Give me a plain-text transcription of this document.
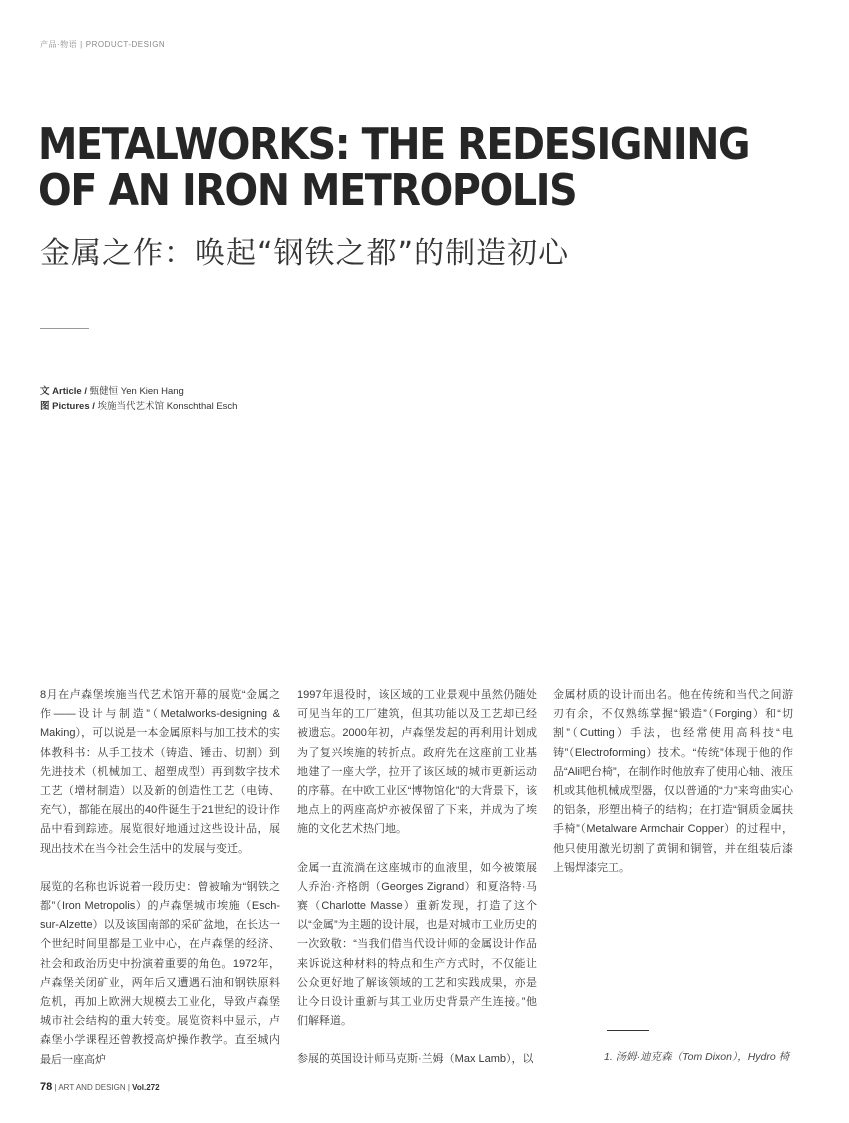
产品·物语 | PRODUCT-DESIGN
METALWORKS: THE REDESIGNING
OF AN IRON METROPOLIS
金属之作：唤起“钢铁之都”的制造初心
文 Article / 甄健恒 Yen Kien Hang
图 Pictures / 埃施当代艺术馆 Konschthal Esch

8月在卢森堡埃施当代艺术馆开幕的展览“金属之作——设计与制造”（Metalworks-designing & Making），可以说是一本金属原料与加工技术的实体教科书：从手工技术（铸造、锤击、切割）到先进技术（机械加工、超塑成型）再到数字技术工艺（增材制造）以及新的创造性工艺（电铸、充气），都能在展出的40件诞生于21世纪的设计作品中看到踪迹。展览很好地通过这些设计品，展现出技术在当今社会生活中的发展与变迁。

展览的名称也诉说着一段历史：曾被喻为“钢铁之都”（Iron Metropolis）的卢森堡城市埃施（Esch-sur-Alzette）以及该国南部的采矿盆地，在长达一个世纪时间里都是工业中心，在卢森堡的经济、社会和政治历史中扮演着重要的角色。1972年，卢森堡关闭矿业，两年后又遭遇石油和钢铁原料危机，再加上欧洲大规模去工业化，导致卢森堡城市社会结构的重大转变。展览资料中显示，卢森堡小学课程还曾教授高炉操作教学。直至城内最后一座高炉

1997年退役时，该区域的工业景观中虽然仍随处可见当年的工厂建筑，但其功能以及工艺却已经被遗忘。2000年初，卢森堡发起的再利用计划成为了复兴埃施的转折点。政府先在这座前工业基地建了一座大学，拉开了该区域的城市更新运动的序幕。在中欧工业区“博物馆化”的大背景下，该地点上的两座高炉亦被保留了下来，并成为了埃施的文化艺术热门地。

金属一直流淌在这座城市的血液里，如今被策展人乔治·齐格朗（Georges Zigrand）和夏洛特·马赛（Charlotte Masse）重新发现，打造了这个以“金属”为主题的设计展，也是对城市工业历史的一次致敬：“当我们借当代设计师的金属设计作品来诉说这种材料的特点和生产方式时，不仅能让公众更好地了解该领域的工艺和实践成果，亦是让今日设计重新与其工业历史背景产生连接。”他们解释道。

参展的英国设计师马克斯·兰姆（Max Lamb），以

金属材质的设计而出名。他在传统和当代之间游刃有余，不仅熟练掌握“锻造”（Forging）和“切割”（Cutting）手法，也经常使用高科技“电铸”（Electroforming）技术。“传统”体现于他的作品“Ali吧台椅”，在制作时他放弃了使用心轴、液压机或其他机械成型器，仅以普通的“力”来弯曲实心的铝条，形塑出椅子的结构；在打造“铜质金属扶手椅”（Metalware Armchair Copper）的过程中，他只使用激光切割了黄铜和铜管，并在组装后漆上锡焊漆完工。

1. 汤姆·迪克森（Tom Dixon），Hydro 椅
78 | ART AND DESIGN | Vol.272
